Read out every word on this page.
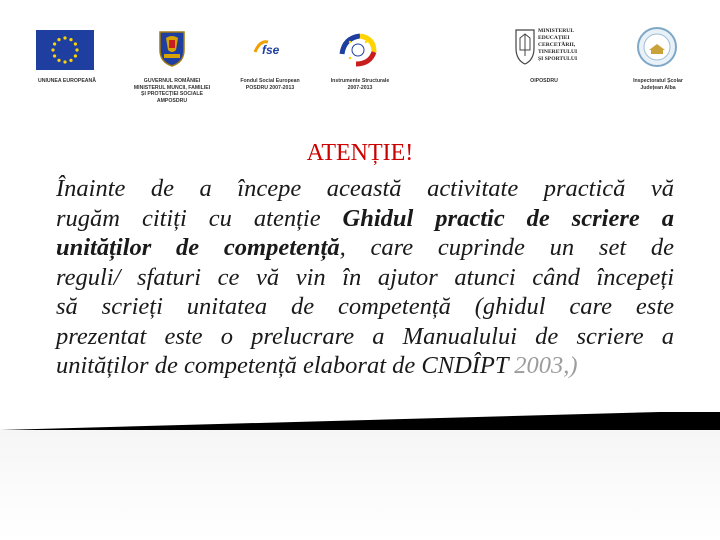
UNIUNEA EUROPEANĂ	GUVERNUL ROMÂNIEI
MINISTERUL MUNCII, FAMILIEI
ȘI PROTECȚIEI SOCIALE
AMPOSDRU
fse
Fondul Social European
POSDRU 2007-2013
Instrumente Structurale
2007-2013
MINISTERUL
EDUCAȚIEI
CERCETĂRII,
TINERETULUI
ȘI SPORTULUI
OIPOSDRU	Inspectoratul Școlar
Județean Alba
ATENȚIE!
Înainte de a începe această activitate practică vă
rugăm citiți cu atenție Ghidul practic de scriere a
unităților de competență, care cuprinde un set de
reguli/ sfaturi ce vă vin în ajutor atunci când începeți
să scrieți unitatea de competență (ghidul care este
prezentat este o prelucrare a Manualului de scriere a
unităților de competență elaborat de CNDÎPT 2003,)
